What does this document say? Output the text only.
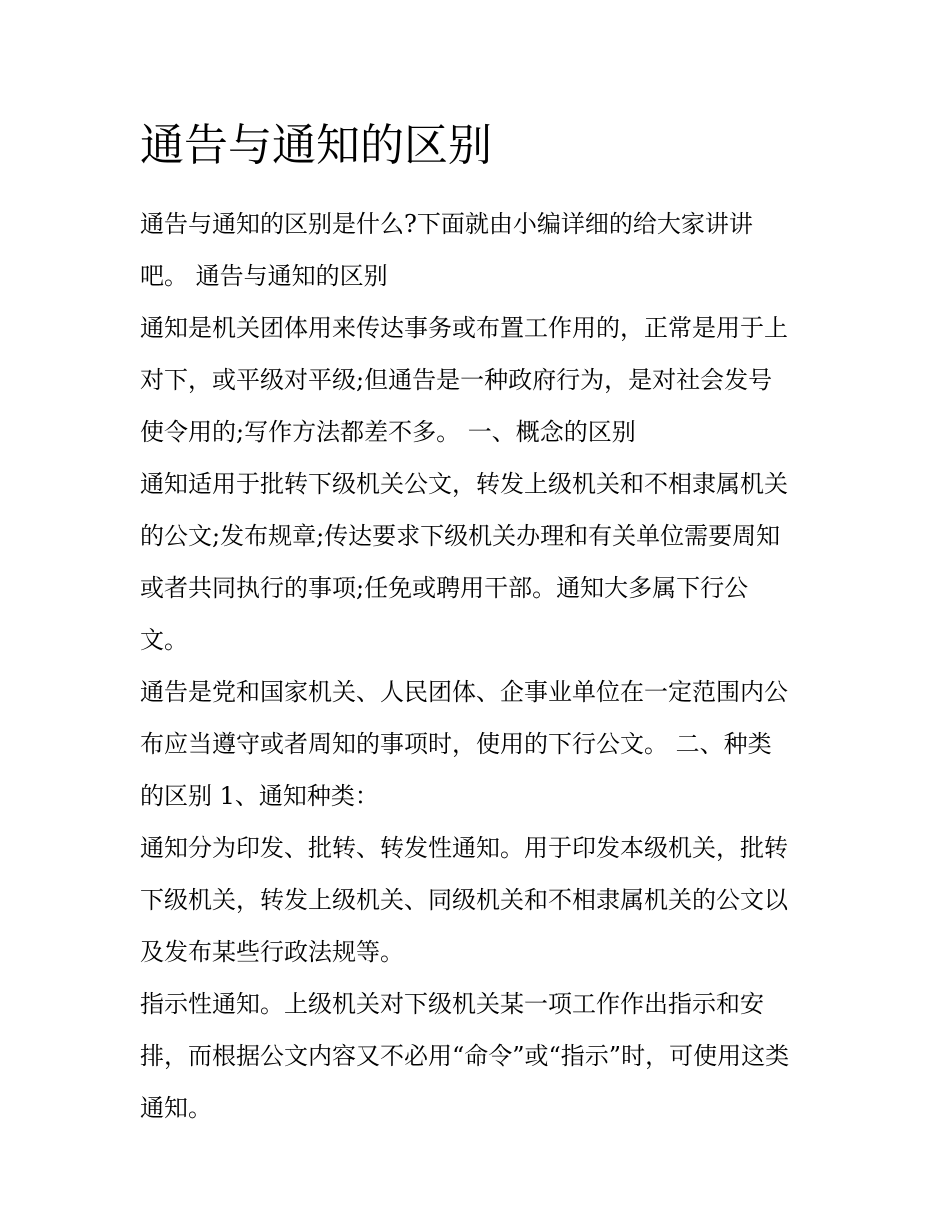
通告与通知的区别

通告与通知的区别是什么?下面就由小编详细的给大家讲讲
吧。 通告与通知的区别

通知是机关团体用来传达事务或布置工作用的，正常是用于上
对下，或平级对平级;但通告是一种政府行为，是对社会发号
使令用的;写作方法都差不多。 一、概念的区别

通知适用于批转下级机关公文，转发上级机关和不相隶属机关
的公文;发布规章;传达要求下级机关办理和有关单位需要周知
或者共同执行的事项;任免或聘用干部。通知大多属下行公
文。

通告是党和国家机关、人民团体、企事业单位在一定范围内公
布应当遵守或者周知的事项时，使用的下行公文。 二、种类
的区别 1、通知种类：

通知分为印发、批转、转发性通知。用于印发本级机关，批转
下级机关，转发上级机关、同级机关和不相隶属机关的公文以
及发布某些行政法规等。

指示性通知。上级机关对下级机关某一项工作作出指示和安
排，而根据公文内容又不必用“命令”或“指示”时，可使用这类
通知。
